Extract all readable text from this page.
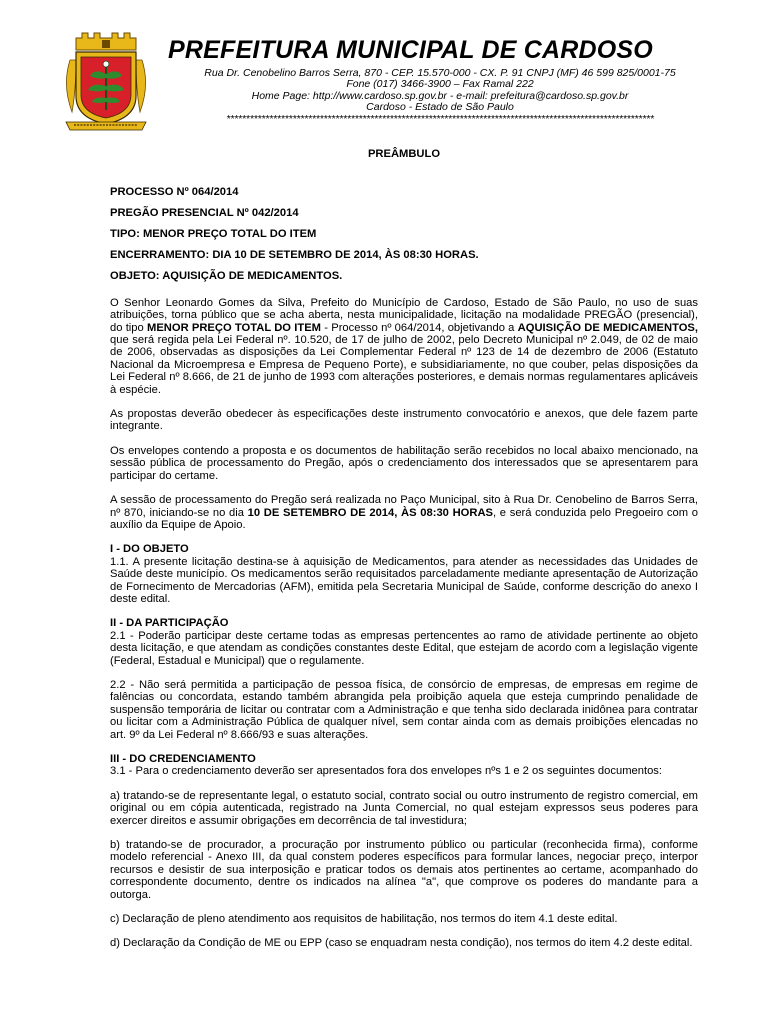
PREFEITURA MUNICIPAL DE CARDOSO

Rua Dr. Cenobelino Barros Serra, 870 - CEP. 15.570-000 - CX. P. 91 CNPJ (MF) 46 599 825/0001-75

Fone (017) 3466-3900 – Fax Ramal 222

Home Page: http://www.cardoso.sp.gov.br - e-mail: prefeitura@cardoso.sp.gov.br

Cardoso - Estado de São Paulo

**************************************************************************************************************

PREÂMBULO

PROCESSO Nº 064/2014

PREGÃO PRESENCIAL Nº 042/2014

TIPO: MENOR PREÇO TOTAL DO ITEM

ENCERRAMENTO: DIA 10 DE SETEMBRO DE 2014, ÀS 08:30 HORAS.

OBJETO: AQUISIÇÃO DE MEDICAMENTOS.

O Senhor Leonardo Gomes da Silva, Prefeito do Município de Cardoso, Estado de São Paulo, no uso de suas atribuições, torna público que se acha aberta, nesta municipalidade, licitação na modalidade PREGÃO (presencial), do tipo MENOR PREÇO TOTAL DO ITEM - Processo nº 064/2014, objetivando a AQUISIÇÃO DE MEDICAMENTOS, que será regida pela Lei Federal nº. 10.520, de 17 de julho de 2002, pelo Decreto Municipal nº 2.049, de 02 de maio de 2006, observadas as disposições da Lei Complementar Federal nº 123 de 14 de dezembro de 2006 (Estatuto Nacional da Microempresa e Empresa de Pequeno Porte), e subsidiariamente, no que couber, pelas disposições da Lei Federal nº 8.666, de 21 de junho de 1993 com alterações posteriores, e demais normas regulamentares aplicáveis à espécie.

As propostas deverão obedecer às especificações deste instrumento convocatório e anexos, que dele fazem parte integrante.

Os envelopes contendo a proposta e os documentos de habilitação serão recebidos no local abaixo mencionado, na sessão pública de processamento do Pregão, após o credenciamento dos interessados que se apresentarem para participar do certame.

A sessão de processamento do Pregão será realizada no Paço Municipal, sito à Rua Dr. Cenobelino de Barros Serra, nº 870, iniciando-se no dia 10 DE SETEMBRO DE 2014, ÀS 08:30 HORAS, e será conduzida pelo Pregoeiro com o auxílio da Equipe de Apoio.

I - DO OBJETO

1.1. A presente licitação destina-se à aquisição de Medicamentos, para atender as necessidades das Unidades de Saúde deste município. Os medicamentos serão requisitados parceladamente mediante apresentação de Autorização de Fornecimento de Mercadorias (AFM), emitida pela Secretaria Municipal de Saúde, conforme descrição do anexo I deste edital.

II - DA PARTICIPAÇÃO

2.1 - Poderão participar deste certame todas as empresas pertencentes ao ramo de atividade pertinente ao objeto desta licitação, e que atendam as condições constantes deste Edital, que estejam de acordo com a legislação vigente (Federal, Estadual e Municipal) que o regulamente.

2.2 - Não será permitida a participação de pessoa física, de consórcio de empresas, de empresas em regime de falências ou concordata, estando também abrangida pela proibição aquela que esteja cumprindo penalidade de suspensão temporária de licitar ou contratar com a Administração e que tenha sido declarada inidônea para contratar ou licitar com a Administração Pública de qualquer nível, sem contar ainda com as demais proibições elencadas no art. 9º da Lei Federal nº 8.666/93 e suas alterações.

III - DO CREDENCIAMENTO

3.1 - Para o credenciamento deverão ser apresentados fora dos envelopes nºs 1 e 2 os seguintes documentos:

a) tratando-se de representante legal, o estatuto social, contrato social ou outro instrumento de registro comercial, em original ou em cópia autenticada, registrado na Junta Comercial, no qual estejam expressos seus poderes para exercer direitos e assumir obrigações em decorrência de tal investidura;

b) tratando-se de procurador, a procuração por instrumento público ou particular (reconhecida firma), conforme modelo referencial - Anexo III, da qual constem poderes específicos para formular lances, negociar preço, interpor recursos e desistir de sua interposição e praticar todos os demais atos pertinentes ao certame, acompanhado do correspondente documento, dentre os indicados na alínea "a", que comprove os poderes do mandante para a outorga.

c) Declaração de pleno atendimento aos requisitos de habilitação, nos termos do item 4.1 deste edital.

d) Declaração da Condição de ME ou EPP (caso se enquadram nesta condição), nos termos do item 4.2 deste edital.
